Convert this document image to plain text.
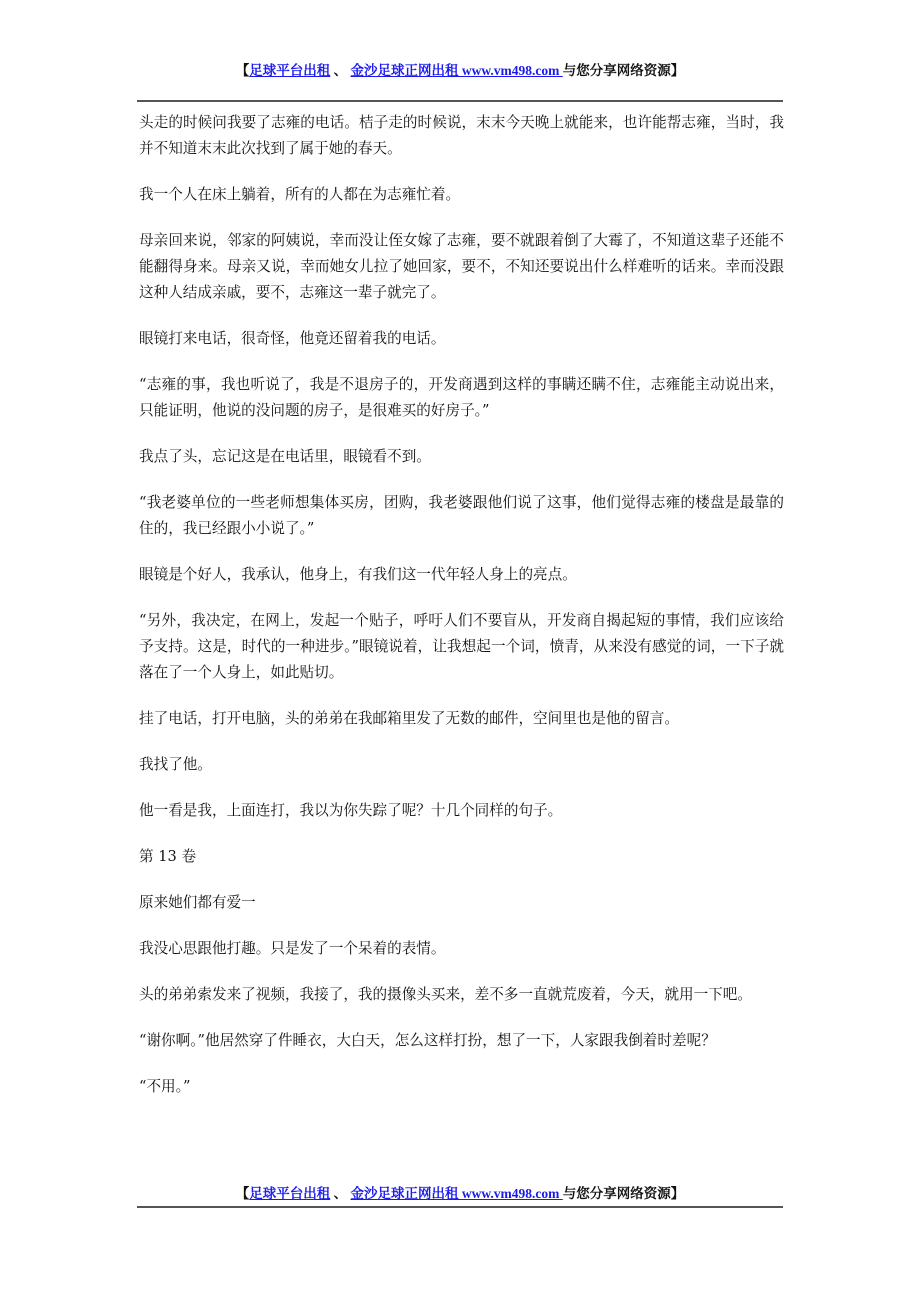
【足球平台出租 、 金沙足球正网出租 www.vm498.com 与您分享网络资源】

头走的时候问我要了志雍的电话。桔子走的时候说，末末今天晚上就能来，也许能帮志雍，当时，我并不知道末末此次找到了属于她的春天。

我一个人在床上躺着，所有的人都在为志雍忙着。

母亲回来说，邻家的阿姨说，幸而没让侄女嫁了志雍，要不就跟着倒了大霉了，不知道这辈子还能不能翻得身来。母亲又说，幸而她女儿拉了她回家，要不，不知还要说出什么样难听的话来。幸而没跟这种人结成亲戚，要不，志雍这一辈子就完了。

眼镜打来电话，很奇怪，他竟还留着我的电话。

“志雍的事，我也听说了，我是不退房子的，开发商遇到这样的事瞒还瞒不住，志雍能主动说出来，只能证明，他说的没问题的房子，是很难买的好房子。”

我点了头，忘记这是在电话里，眼镜看不到。

“我老婆单位的一些老师想集体买房，团购，我老婆跟他们说了这事，他们觉得志雍的楼盘是最靠的住的，我已经跟小小说了。”

眼镜是个好人，我承认，他身上，有我们这一代年轻人身上的亮点。

“另外，我决定，在网上，发起一个贴子，呼吁人们不要盲从，开发商自揭起短的事情，我们应该给予支持。这是，时代的一种进步。”眼镜说着，让我想起一个词，愤青，从来没有感觉的词，一下子就落在了一个人身上，如此贴切。

挂了电话，打开电脑，头的弟弟在我邮箱里发了无数的邮件，空间里也是他的留言。

我找了他。

他一看是我，上面连打，我以为你失踪了呢？十几个同样的句子。

第 13 卷

原来她们都有爱一

我没心思跟他打趣。只是发了一个呆着的表情。

头的弟弟索发来了视频，我接了，我的摄像头买来，差不多一直就荒废着，今天，就用一下吧。

“谢你啊。”他居然穿了件睡衣，大白天，怎么这样打扮，想了一下，人家跟我倒着时差呢？

“不用。”

【足球平台出租 、 金沙足球正网出租 www.vm498.com 与您分享网络资源】
